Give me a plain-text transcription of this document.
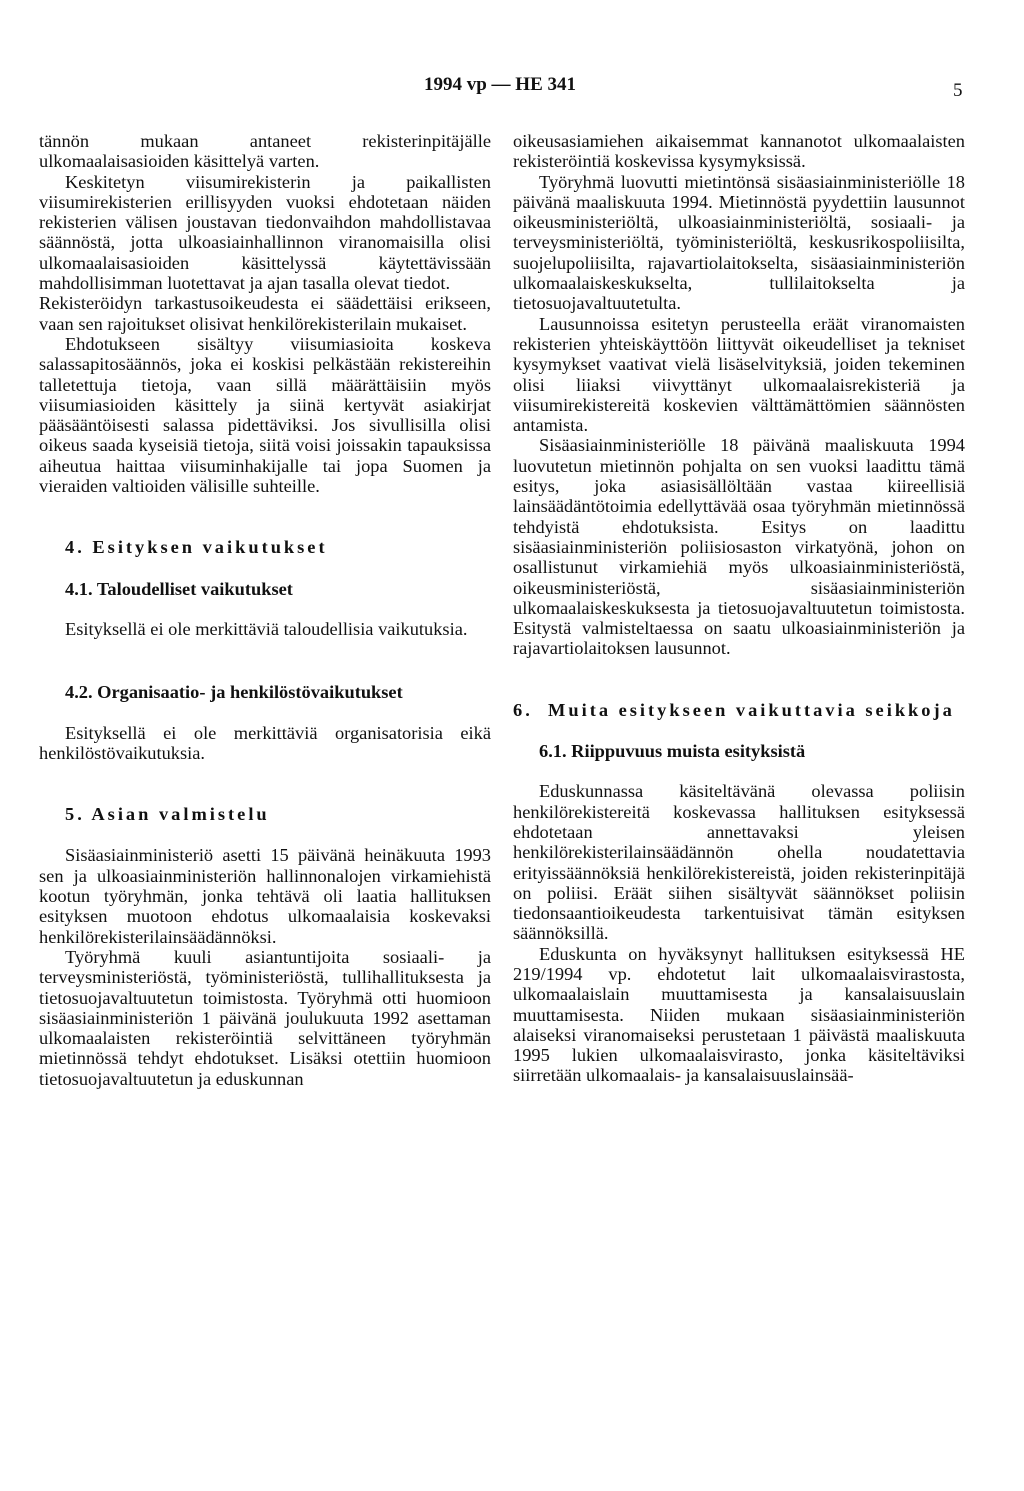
1994 vp — HE 341	5

tännön mukaan antaneet rekisterinpitäjälle ulkomaalaisasioiden käsittelyä varten.

Keskitetyn viisumirekisterin ja paikallisten viisumirekisterien erillisyyden vuoksi ehdotetaan näiden rekisterien välisen joustavan tiedonvaihdon mahdollistavaa säännöstä, jotta ulkoasiainhallinnon viranomaisilla olisi ulkomaalaisasioiden käsittelyssä käytettävissään mahdollisimman luotettavat ja ajan tasalla olevat tiedot.

Rekisteröidyn tarkastusoikeudesta ei säädettäisi erikseen, vaan sen rajoitukset olisivat henkilörekisterilain mukaiset.

Ehdotukseen sisältyy viisumiasioita koskeva salassapitosäännös, joka ei koskisi pelkästään rekistereihin talletettuja tietoja, vaan sillä määrättäisiin myös viisumiasioiden käsittely ja siinä kertyvät asiakirjat pääsääntöisesti salassa pidettäviksi. Jos sivullisilla olisi oikeus saada kyseisiä tietoja, siitä voisi joissakin tapauksissa aiheutua haittaa viisuminhakijalle tai jopa Suomen ja vieraiden valtioiden välisille suhteille.

4. Esityksen vaikutukset

4.1. Taloudelliset vaikutukset

Esityksellä ei ole merkittäviä taloudellisia vaikutuksia.

4.2. Organisaatio- ja henkilöstövaikutukset

Esityksellä ei ole merkittäviä organisatorisia eikä henkilöstövaikutuksia.

5. Asian valmistelu

Sisäasiainministeriö asetti 15 päivänä heinäkuuta 1993 sen ja ulkoasiainministeriön hallinnonalojen virkamiehistä kootun työryhmän, jonka tehtävä oli laatia hallituksen esityksen muotoon ehdotus ulkomaalaisia koskevaksi henkilörekisterilainsäädännöksi.

Työryhmä kuuli asiantuntijoita sosiaali- ja terveysministeriöstä, työministeriöstä, tullihallituksesta ja tietosuojavaltuutetun toimistosta. Työryhmä otti huomioon sisäasiainministeriön 1 päivänä joulukuuta 1992 asettaman ulkomaalaisten rekisteröintiä selvittäneen työryhmän mietinnössä tehdyt ehdotukset. Lisäksi otettiin huomioon tietosuojavaltuutetun ja eduskunnan

oikeusasiamiehen aikaisemmat kannanotot ulkomaalaisten rekisteröintiä koskevissa kysymyksissä.

Työryhmä luovutti mietintönsä sisäasiainministeriölle 18 päivänä maaliskuuta 1994. Mietinnöstä pyydettiin lausunnot oikeusministeriöltä, ulkoasiainministeriöltä, sosiaali- ja terveysministeriöltä, työministeriöltä, keskusrikospoliisilta, suojelupoliisilta, rajavartiolaitokselta, sisäasiainministeriön ulkomaalaiskeskukselta, tullilaitokselta ja tietosuojavaltuutetulta.

Lausunnoissa esitetyn perusteella eräät viranomaisten rekisterien yhteiskäyttöön liittyvät oikeudelliset ja tekniset kysymykset vaativat vielä lisäselvityksiä, joiden tekeminen olisi liiaksi viivyttänyt ulkomaalaisrekisteriä ja viisumirekistereitä koskevien välttämättömien säännösten antamista.

Sisäasiainministeriölle 18 päivänä maaliskuuta 1994 luovutetun mietinnön pohjalta on sen vuoksi laadittu tämä esitys, joka asiasisällöltään vastaa kiireellisiä lainsäädäntötoimia edellyttävää osaa työryhmän mietinnössä tehdyistä ehdotuksista. Esitys on laadittu sisäasiainministeriön poliisiosaston virkatyönä, johon on osallistunut virkamiehiä myös ulkoasiainministeriöstä, oikeusministeriöstä, sisäasiainministeriön ulkomaalaiskeskuksesta ja tietosuojavaltuutetun toimistosta. Esitystä valmisteltaessa on saatu ulkoasiainministeriön ja rajavartiolaitoksen lausunnot.

6. Muita esitykseen vaikuttavia seikkoja

6.1. Riippuvuus muista esityksistä

Eduskunnassa käsiteltävänä olevassa poliisin henkilörekistereitä koskevassa hallituksen esityksessä ehdotetaan annettavaksi yleisen henkilörekisterilainsäädännön ohella noudatettavia erityissäännöksiä henkilörekistereistä, joiden rekisterinpitäjä on poliisi. Eräät siihen sisältyvät säännökset poliisin tiedonsaantioikeudesta tarkentuisivat tämän esityksen säännöksillä.

Eduskunta on hyväksynyt hallituksen esityksessä HE 219/1994 vp. ehdotetut lait ulkomaalaisvirastosta, ulkomaalaislain muuttamisesta ja kansalaisuuslain muuttamisesta. Niiden mukaan sisäasiainministeriön alaiseksi viranomaiseksi perustetaan 1 päivästä maaliskuuta 1995 lukien ulkomaalaisvirasto, jonka käsiteltäviksi siirretään ulkomaalais- ja kansalaisuuslainsää-
